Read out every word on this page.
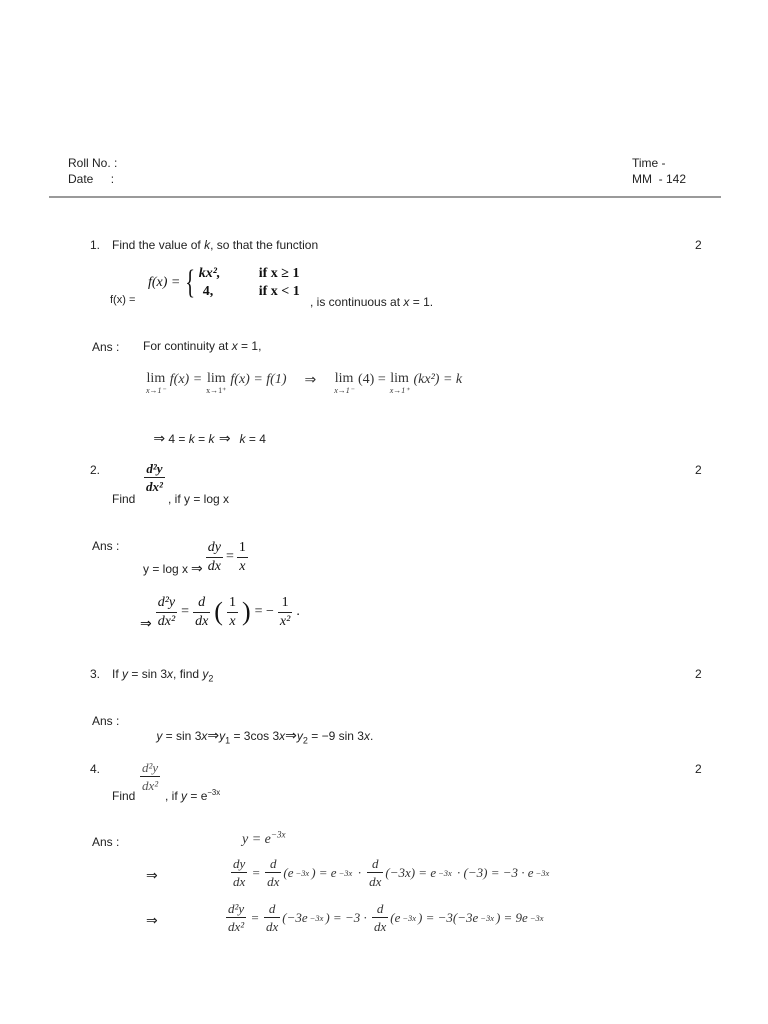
Roll No. :
Date :
Time -
MM  - 142
1. Find the value of k, so that the function	2
f(x) =
f(x) = { kx²,	if x ≥ 1
4,	if x < 1
, is continuous at x = 1.
Ans : For continuity at x = 1,
lim
x→1⁻
f(x) = lim
x→1⁺
f(x) = f(1) ⇒ lim
x→1⁻
(4) = lim
x→1⁺
(kx²) = k

⇒ 4 = k = k ⇒  k = 4

2.	2
Find
$\frac{\text{d²y}}{\text{dx²}}$
, if y = log x
Ans :
y = log x ⇒ $\frac{dy}{dx} = \frac{1}{x}$
⇒ $\frac{\text{d²y}}{\text{dx²}} = \frac{d}{dx}$ ( $\frac{1}{x}$ ) = − $\frac{1}{\text{x²}}$ .
3. If y = sin 3x, find $y_2$	2
Ans :

$y = \sin 3x\Rightarrow y_1 = 3\cos$ $3x\Rightarrow y_2 = -9$ sin 3x.

4.	2
Find
$\frac{\text{d²y}}{\text{dx²}}$
, if $y = e^{-3x}$
Ans :	$y = e^{-3x}$
⇒	$\frac{dy}{dx} = \frac{d}{dx} (e -3x$ ) = $e -3x \cdot \frac{d}{dx} (-3x) = e -3x \cdot (-3) = -3 \cdot e -3x$
⇒	$\frac{\text{d²y}}{\text{dx²}} = \frac{d}{dx} (-3e -3x$ ) = $-3 \cdot \frac{d}{dx} (e -3x$ ) = −3(−3e −3x ) = 9e −3x
